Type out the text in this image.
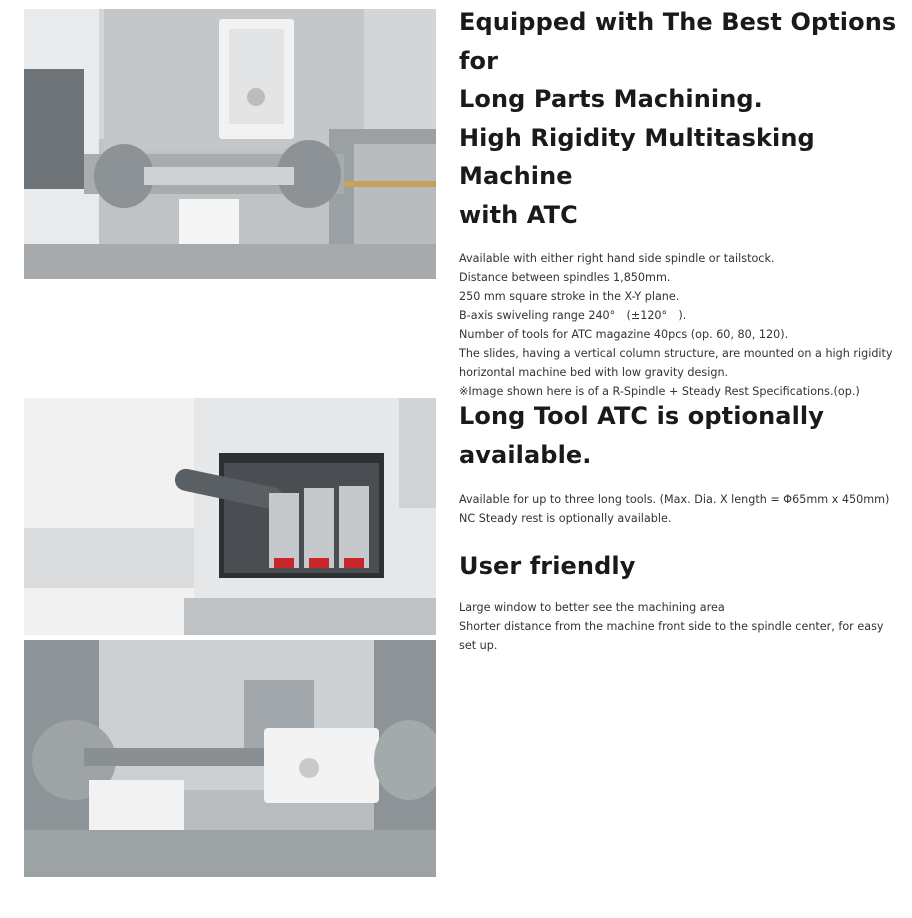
Equipped with The Best Options for
Long Parts Machining.
High Rigidity Multitasking Machine
with ATC

Available with either right hand side spindle or tailstock.
Distance between spindles 1,850mm.
250 mm square stroke in the X-Y plane.
B-axis swiveling range 240°　(±120°　).
Number of tools for ATC magazine 40pcs (op. 60, 80, 120).
The slides, having a vertical column structure, are mounted on a high rigidity
horizontal machine bed with low gravity design.
※Image shown here is of a R-Spindle + Steady Rest Specifications.(op.)

Long Tool ATC is optionally
available.

Available for up to three long tools. (Max. Dia. X length = Φ65mm x 450mm)
NC Steady rest is optionally available.

User friendly

Large window to better see the machining area
Shorter distance from the machine front side to the spindle center, for easy
set up.
